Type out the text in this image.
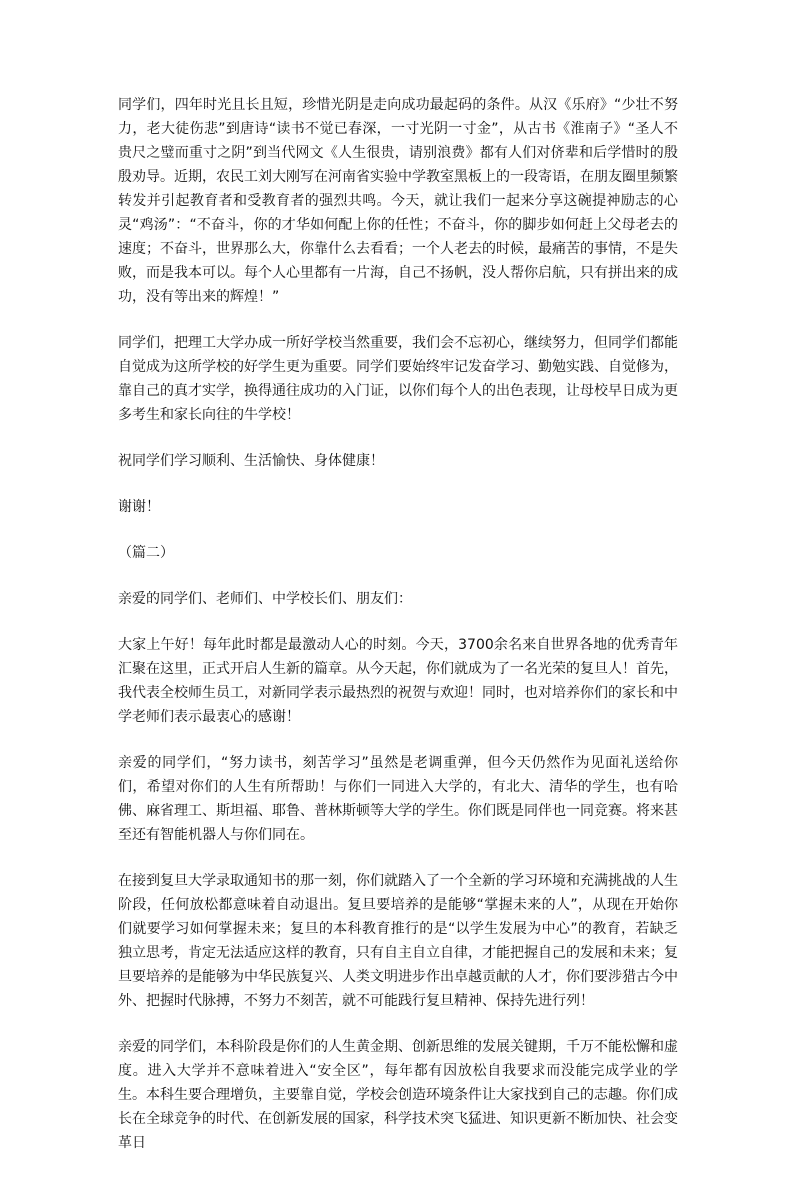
同学们，四年时光且长且短，珍惜光阴是走向成功最起码的条件。从汉《乐府》“少壮不努力，老大徒伤悲”到唐诗“读书不觉已春深，一寸光阴一寸金”，从古书《淮南子》“圣人不贵尺之璧而重寸之阴”到当代网文《人生很贵，请别浪费》都有人们对侪辈和后学惜时的殷殷劝导。近期，农民工刘大刚写在河南省实验中学教室黑板上的一段寄语，在朋友圈里频繁转发并引起教育者和受教育者的强烈共鸣。今天，就让我们一起来分享这碗提神励志的心灵“鸡汤”：“不奋斗，你的才华如何配上你的任性；不奋斗，你的脚步如何赶上父母老去的速度；不奋斗，世界那么大，你靠什么去看看；一个人老去的时候，最痛苦的事情，不是失败，而是我本可以。每个人心里都有一片海，自己不扬帆，没人帮你启航，只有拼出来的成功，没有等出来的辉煌！”

同学们，把理工大学办成一所好学校当然重要，我们会不忘初心，继续努力，但同学们都能自觉成为这所学校的好学生更为重要。同学们要始终牢记发奋学习、勤勉实践、自觉修为，靠自己的真才实学，换得通往成功的入门证，以你们每个人的出色表现，让母校早日成为更多考生和家长向往的牛学校！

祝同学们学习顺利、生活愉快、身体健康！

谢谢！

（篇二）

亲爱的同学们、老师们、中学校长们、朋友们：

大家上午好！每年此时都是最激动人心的时刻。今天，3700余名来自世界各地的优秀青年汇聚在这里，正式开启人生新的篇章。从今天起，你们就成为了一名光荣的复旦人！首先，我代表全校师生员工，对新同学表示最热烈的祝贺与欢迎！同时，也对培养你们的家长和中学老师们表示最衷心的感谢！

亲爱的同学们，“努力读书，刻苦学习”虽然是老调重弹，但今天仍然作为见面礼送给你们，希望对你们的人生有所帮助！与你们一同进入大学的，有北大、清华的学生，也有哈佛、麻省理工、斯坦福、耶鲁、普林斯顿等大学的学生。你们既是同伴也一同竞赛。将来甚至还有智能机器人与你们同在。

在接到复旦大学录取通知书的那一刻，你们就踏入了一个全新的学习环境和充满挑战的人生阶段，任何放松都意味着自动退出。复旦要培养的是能够“掌握未来的人”，从现在开始你们就要学习如何掌握未来；复旦的本科教育推行的是“以学生发展为中心”的教育，若缺乏独立思考，肯定无法适应这样的教育，只有自主自立自律，才能把握自己的发展和未来；复旦要培养的是能够为中华民族复兴、人类文明进步作出卓越贡献的人才，你们要涉猎古今中外、把握时代脉搏，不努力不刻苦，就不可能践行复旦精神、保持先进行列！

亲爱的同学们，本科阶段是你们的人生黄金期、创新思维的发展关键期，千万不能松懈和虚度。进入大学并不意味着进入“安全区”，每年都有因放松自我要求而没能完成学业的学生。本科生要合理增负，主要靠自觉，学校会创造环境条件让大家找到自己的志趣。你们成长在全球竞争的时代、在创新发展的国家，科学技术突飞猛进、知识更新不断加快、社会变革日
